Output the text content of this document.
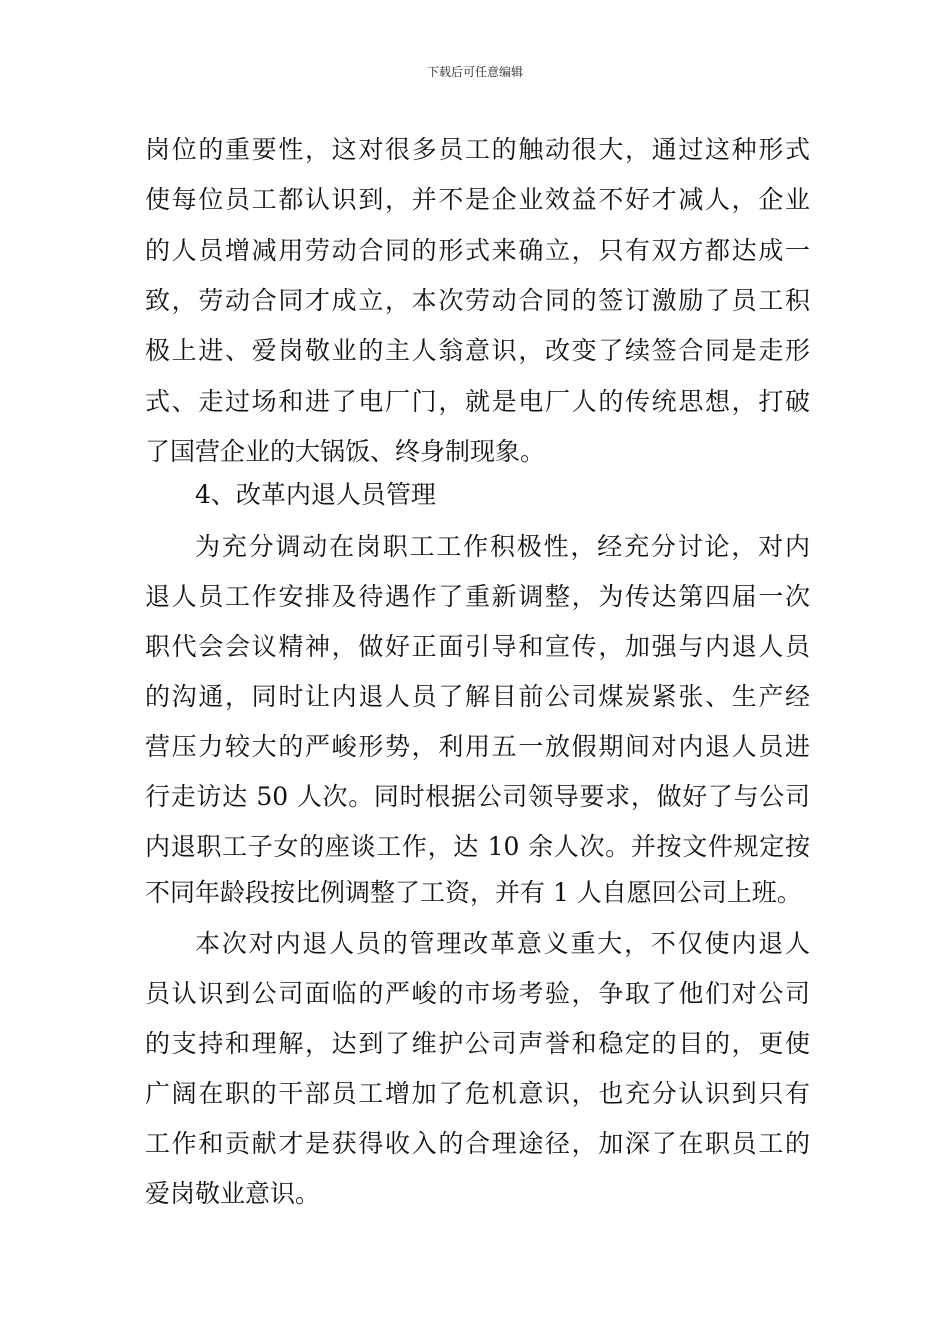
下载后可任意编辑
岗位的重要性，这对很多员工的触动很大，通过这种形式
使每位员工都认识到，并不是企业效益不好才减人，企业
的人员增减用劳动合同的形式来确立，只有双方都达成一
致，劳动合同才成立，本次劳动合同的签订激励了员工积
极上进、爱岗敬业的主人翁意识，改变了续签合同是走形
式、走过场和进了电厂门，就是电厂人的传统思想，打破
了国营企业的大锅饭、终身制现象。
4、改革内退人员管理
为充分调动在岗职工工作积极性，经充分讨论，对内
退人员工作安排及待遇作了重新调整，为传达第四届一次
职代会会议精神，做好正面引导和宣传，加强与内退人员
的沟通，同时让内退人员了解目前公司煤炭紧张、生产经
营压力较大的严峻形势，利用五一放假期间对内退人员进
行走访达 50 人次。同时根据公司领导要求，做好了与公司
内退职工子女的座谈工作，达 10 余人次。并按文件规定按
不同年龄段按比例调整了工资，并有 1 人自愿回公司上班。
本次对内退人员的管理改革意义重大，不仅使内退人
员认识到公司面临的严峻的市场考验，争取了他们对公司
的支持和理解，达到了维护公司声誉和稳定的目的，更使
广阔在职的干部员工增加了危机意识，也充分认识到只有
工作和贡献才是获得收入的合理途径，加深了在职员工的
爱岗敬业意识。
